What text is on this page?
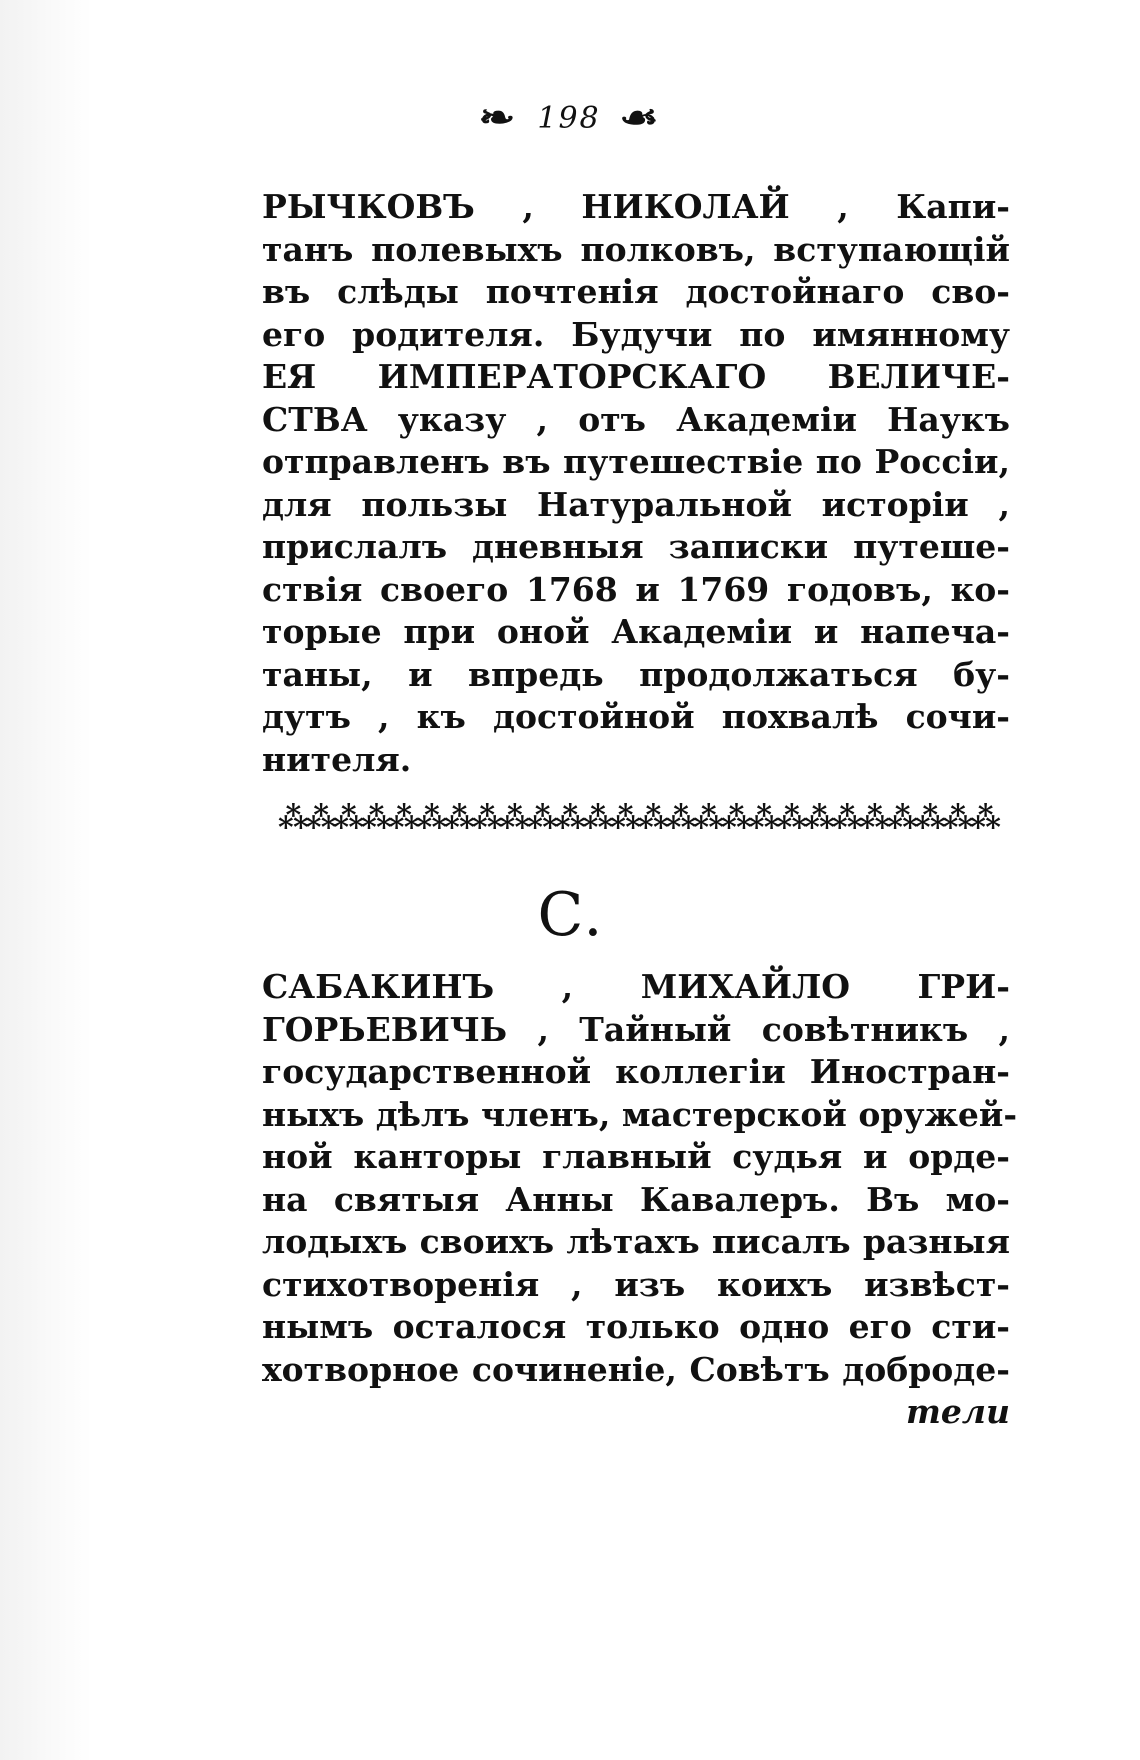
❧ 198 ☙
РЫЧКОВЪ , НИКОЛАЙ , Капи-
танъ полевыхъ полковъ, вступающій
въ слѣды почтенія достойнаго сво-
его родителя. Будучи по имянному
ЕЯ ИМПЕРАТОРСКАГО ВЕЛИЧЕ-
СТВА указу , отъ Академіи Наукъ
отправленъ въ путешествіе по Россіи,
для пользы Натуральной исторіи ,
прислалъ дневныя записки путеше-
ствія своего 1768 и 1769 годовъ, ко-
торые при оной Академіи и напеча-
таны, и впредь продолжаться бу-
дутъ , къ достойной похвалѣ сочи-
нителя.
⁂⁂⁂⁂⁂⁂⁂⁂⁂⁂⁂⁂⁂⁂⁂⁂⁂⁂⁂⁂⁂⁂⁂⁂⁂⁂
С.
САБАКИНЪ , МИХАЙЛО ГРИ-
ГОРЬЕВИЧЬ , Тайный совѣтникъ ,
государственной коллегіи Иностран-
ныхъ дѣлъ членъ, мастерской оружей-
ной канторы главный судья и орде-
на святыя Анны Кавалеръ. Въ мо-
лодыхъ своихъ лѣтахъ писалъ разныя
стихотворенія , изъ коихъ извѣст-
нымъ осталося только одно его сти-
хотворное сочиненіе, Совѣтъ доброде-
тели
